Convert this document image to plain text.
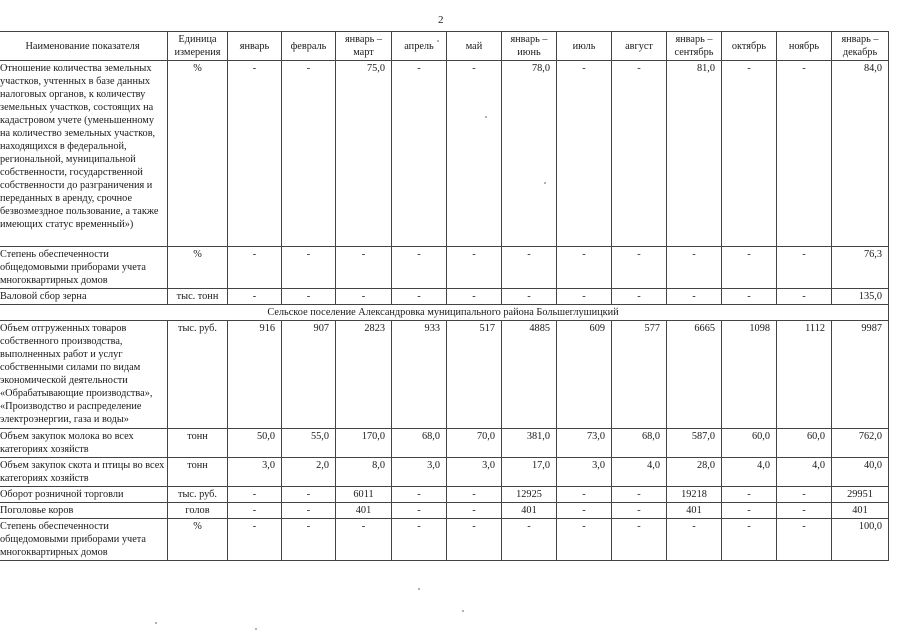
2
Наименование показателя	Единица измерения	январь	февраль	январь – март	апрель	май	январь – июнь	июль	август	январь – сентябрь	октябрь	ноябрь	январь – декабрь
Отношение количества земельных участков, учтенных в базе данных налоговых органов, к количеству земельных участков, состоящих на кадастровом учете (уменьшенному на количество земельных участков, находящихся в федеральной, региональной, муниципальной собственности, государственной собственности до разграничения и переданных в аренду, срочное безвозмездное пользование, а также имеющих статус временный»)	%	-	-	75,0	-	-	78,0	-	-	81,0	-	-	84,0
Степень обеспеченности общедомовыми приборами учета многоквартирных домов	%	-	-	-	-	-	-	-	-	-	-	-	76,3
Валовой сбор зерна	тыс. тонн	-	-	-	-	-	-	-	-	-	-	-	135,0
Сельское поселение Александровка муниципального района Большеглушицкий													
Объем отгруженных товаров собственного производства, выполненных работ и услуг собственными силами по видам экономической деятельности «Обрабатывающие производства», «Производство и распределение электроэнергии, газа и воды»	тыс. руб.	916	907	2823	933	517	4885	609	577	6665	1098	1112	9987
Объем закупок молока во всех категориях хозяйств	тонн	50,0	55,0	170,0	68,0	70,0	381,0	73,0	68,0	587,0	60,0	60,0	762,0
Объем закупок скота и птицы во всех категориях хозяйств	тонн	3,0	2,0	8,0	3,0	3,0	17,0	3,0	4,0	28,0	4,0	4,0	40,0
Оборот розничной торговли	тыс. руб.	-	-	6011	-	-	12925	-	-	19218	-	-	29951
Поголовье коров	голов	-	-	401	-	-	401	-	-	401	-	-	401
Степень обеспеченности общедомовыми приборами учета многоквартирных домов	%	-	-	-	-	-	-	-	-	-	-	-	100,0
